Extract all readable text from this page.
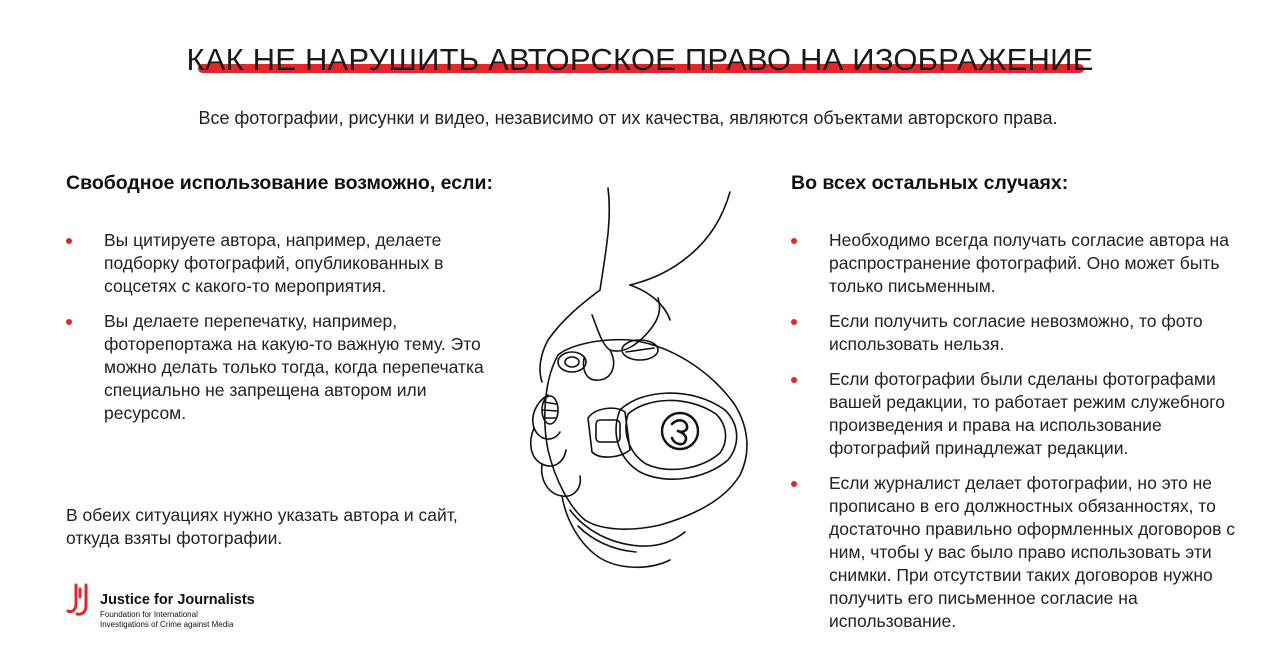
КАК НЕ НАРУШИТЬ АВТОРСКОЕ ПРАВО НА ИЗОБРАЖЕНИЕ
Все фотографии, рисунки и видео, независимо от их качества, являются объектами авторского права.
Свободное использование возможно, если:
Вы цитируете автора, например, делаете подборку фотографий, опубликованных в соцсетях с какого-то мероприятия.
Вы делаете перепечатку, например, фоторепортажа на какую-то важную тему. Это можно делать только тогда, когда перепечатка специально не запрещена автором или ресурсом.
В обеих ситуациях нужно указать автора и сайт, откуда взяты фотографии.
Во всех остальных случаях:
Необходимо всегда получать согласие автора на распространение фотографий. Оно может быть только письменным.
Если получить согласие невозможно, то фото использовать нельзя.
Если фотографии были сделаны фотографами вашей редакции, то работает режим служебного произведения и права на использование фотографий принадлежат редакции.
Если журналист делает фотографии, но это не прописано в его должностных обязанностях, то достаточно правильно оформленных договоров с ним, чтобы у вас было право использовать эти снимки. При отсутствии таких договоров нужно получить его письменное согласие на использование.
Justice for Journalists
Foundation for International
Investigations of Crime against Media
